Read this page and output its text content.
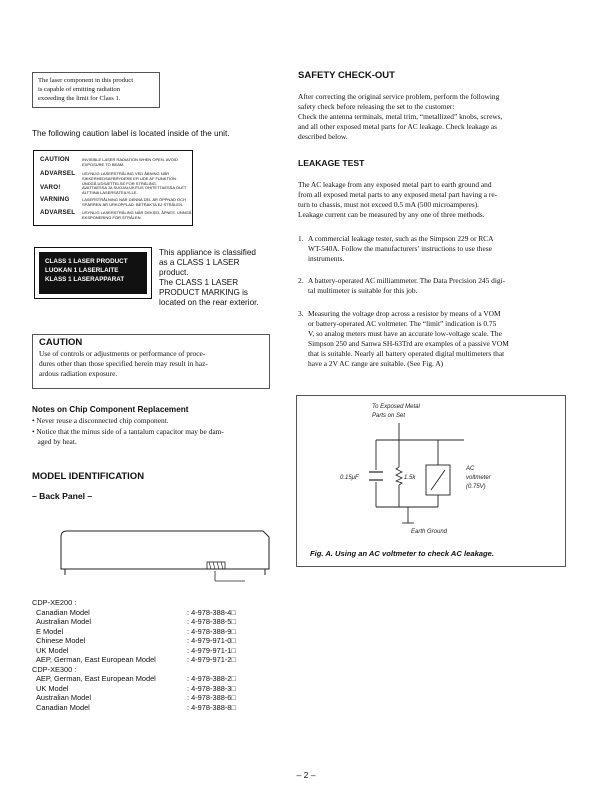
The laser component in this product
is capable of emitting radiation
exceeding the limit for Class 1.
The following caution label is located inside of the unit.
CAUTION	INVISIBLE LASER RADIATION WHEN OPEN. AVOID EXPOSURE TO BEAM.
ADVARSEL USYNLIG LASERSTRÅLING VED ÅBNING NÅR SIKKERHEDSAFBRYDERE ER UDE AF FUNKTION. UNDGÅ UDSÆTTELSE FOR STRÅLING.
VARO!	AVATTAESSA JA SUOJALUKITUS OHITETTAESSA OLET ALTTIINA LASERSÄTEILYLLE.
VARNING	LASERSTRÅLNING NÄR DENNA DEL ÄR ÖPPNAD OCH SPÄRREN ÄR URKOPPLAD. BETRAKTA EJ STRÅLEN.
ADVARSEL USYNLIG LASERSTRÅLING NÅR DEKSEL ÅPNES. UNNGÅ EKSPONERING FOR STRÅLEN.
CLASS 1 LASER PRODUCT
LUOKAN 1 LASERLAITE
KLASS 1 LASERAPPARAT
This appliance is classified
as a CLASS 1 LASER
product.
The CLASS 1 LASER
PRODUCT MARKING is
located on the rear exterior.
CAUTION
Use of controls or adjustments or performance of proce-
dures other than those specified herein may result in haz-
ardous radiation exposure.
Notes on Chip Component Replacement
• Never reuse a disconnected chip component.
• Notice that the minus side of a tantalum capacitor may be dam-
aged by heat.
MODEL IDENTIFICATION
– Back Panel –
CDP-XE200 :
Canadian Model	: 4-978-388-4□
Australian Model	: 4-978-388-5□
E Model	: 4-978-388-9□
Chinese Model	: 4-979-971-0□
UK Model	: 4-979-971-1□
AEP, German, East European Model	: 4-979-971-2□
CDP-XE300 :
AEP, German, East European Model	: 4-978-388-2□
UK Model	: 4-978-388-3□
Australian Model	: 4-978-388-6□
Canadian Model	: 4-978-388-8□
SAFETY CHECK-OUT
After correcting the original service problem, perform the following
safety check before releasing the set to the customer:
Check the antenna terminals, metal trim, “metallized” knobs, screws,
and all other exposed metal parts for AC leakage. Check leakage as
described below.
LEAKAGE TEST
The AC leakage from any exposed metal part to earth ground and
from all exposed metal parts to any exposed metal part having a re-
turn to chassis, must not exceed 0.5 mA (500 microamperes).
Leakage current can be measured by any one of three methods.
1. A commercial leakage tester, such as the Simpson 229 or RCA
WT-540A. Follow the manufacturers’ instructions to use these
instruments.
2. A battery-operated AC milliammeter. The Data Precision 245 digi-
tal multimeter is suitable for this job.
3. Measuring the voltage drop across a resistor by means of a VOM
or battery-operated AC voltmeter. The “limit” indication is 0.75
V, so analog meters must have an accurate low-voltage scale. The
Simpson 250 and Sanwa SH-63Trd are examples of a passive VOM
that is suitable. Nearly all battery operated digital multimeters that
have a 2V AC range are suitable. (See Fig. A)
To Exposed Metal
Parts on Set
0.15μF	1.5k
AC
voltmeter
(0.75V)
Earth Ground
Fig. A. Using an AC voltmeter to check AC leakage.
– 2 –
